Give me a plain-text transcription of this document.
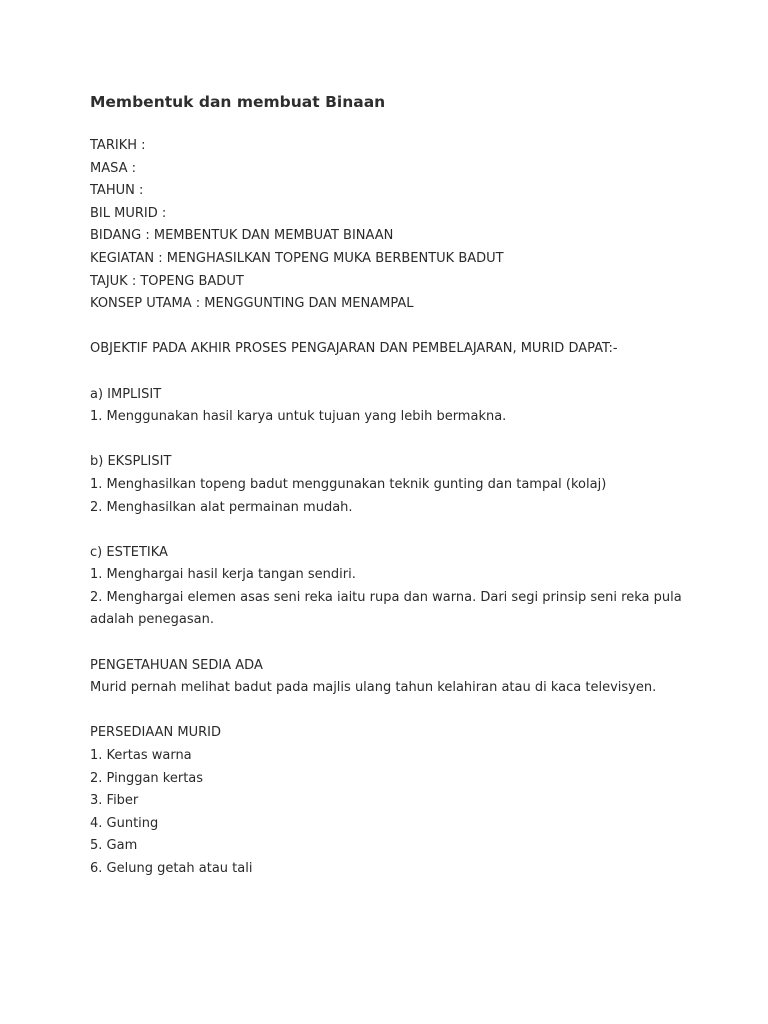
Membentuk dan membuat Binaan

TARIKH :

MASA :

TAHUN :

BIL MURID :

BIDANG : MEMBENTUK DAN MEMBUAT BINAAN

KEGIATAN : MENGHASILKAN TOPENG MUKA BERBENTUK BADUT

TAJUK : TOPENG BADUT

KONSEP UTAMA : MENGGUNTING DAN MENAMPAL

OBJEKTIF PADA AKHIR PROSES PENGAJARAN DAN PEMBELAJARAN, MURID DAPAT:-

a) IMPLISIT

1. Menggunakan hasil karya untuk tujuan yang lebih bermakna.

b) EKSPLISIT

1. Menghasilkan topeng badut menggunakan teknik gunting dan tampal (kolaj)

2. Menghasilkan alat permainan mudah.

c) ESTETIKA

1. Menghargai hasil kerja tangan sendiri.

2. Menghargai elemen asas seni reka iaitu rupa dan warna. Dari segi prinsip seni reka pula adalah penegasan.

PENGETAHUAN SEDIA ADA

Murid pernah melihat badut pada majlis ulang tahun kelahiran atau di kaca televisyen.

PERSEDIAAN MURID

1. Kertas warna

2. Pinggan kertas

3. Fiber

4. Gunting

5. Gam

6. Gelung getah atau tali
